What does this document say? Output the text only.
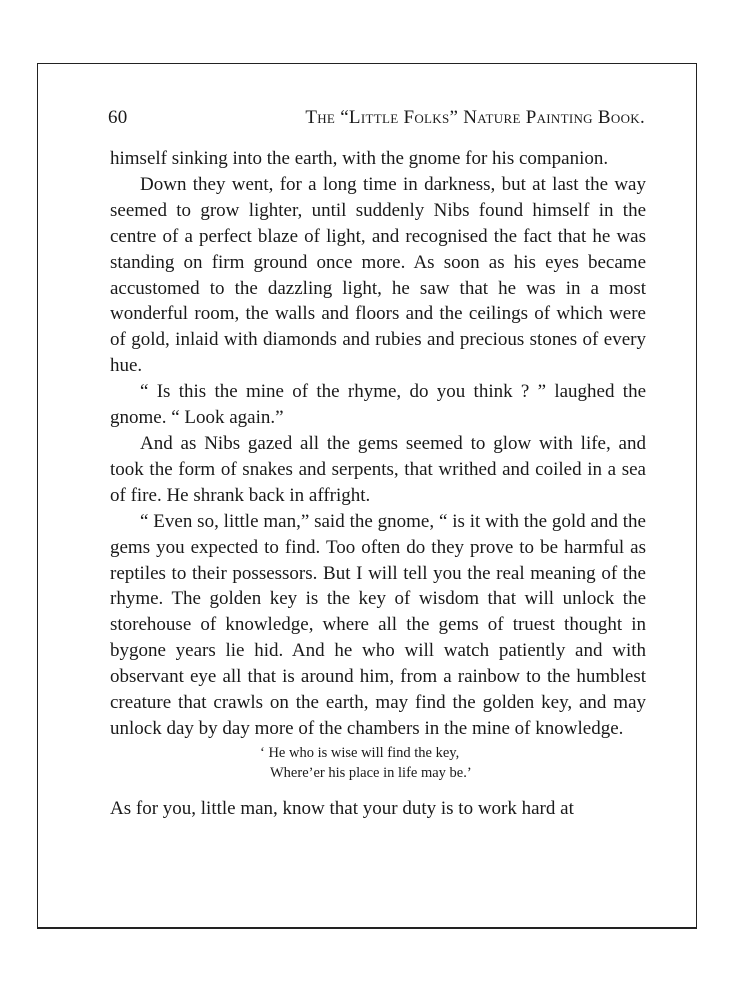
60	The “Little Folks” Nature Painting Book.

himself sinking into the earth, with the gnome for his companion.

Down they went, for a long time in darkness, but at last the way seemed to grow lighter, until suddenly Nibs found himself in the centre of a perfect blaze of light, and recognised the fact that he was standing on firm ground once more. As soon as his eyes became accustomed to the dazzling light, he saw that he was in a most wonderful room, the walls and floors and the ceilings of which were of gold, inlaid with diamonds and rubies and precious stones of every hue.

“ Is this the mine of the rhyme, do you think ? ” laughed the gnome. “ Look again.”

And as Nibs gazed all the gems seemed to glow with life, and took the form of snakes and serpents, that writhed and coiled in a sea of fire. He shrank back in affright.

“ Even so, little man,” said the gnome, “ is it with the gold and the gems you expected to find. Too often do they prove to be harmful as reptiles to their possessors. But I will tell you the real meaning of the rhyme. The golden key is the key of wisdom that will unlock the storehouse of knowledge, where all the gems of truest thought in bygone years lie hid. And he who will watch patiently and with observant eye all that is around him, from a rainbow to the humblest creature that crawls on the earth, may find the golden key, and may unlock day by day more of the chambers in the mine of knowledge.

‘ He who is wise will find the key,
Where’er his place in life may be.’

As for you, little man, know that your duty is to work hard at
